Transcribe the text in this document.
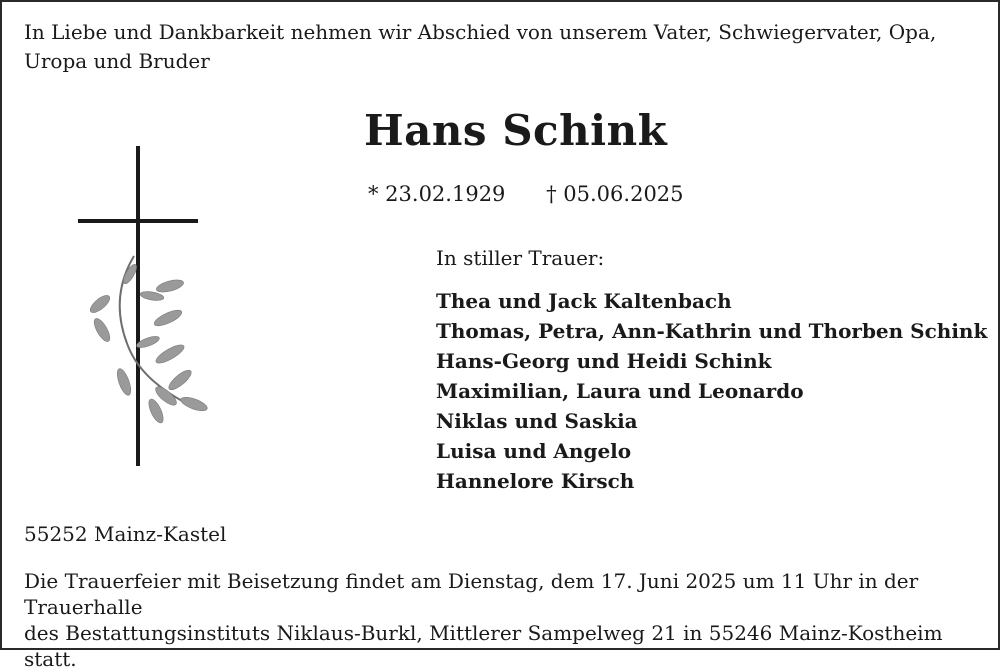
In Liebe und Dankbarkeit nehmen wir Abschied von unserem Vater, Schwiegervater, Opa,
Uropa und Bruder
Hans Schink
* 23.02.1929 † 05.06.2025
In stiller Trauer:
Thea und Jack Kaltenbach
Thomas, Petra, Ann-Kathrin und Thorben Schink
Hans-Georg und Heidi Schink
Maximilian, Laura und Leonardo
Niklas und Saskia
Luisa und Angelo
Hannelore Kirsch
55252 Mainz-Kastel
Die Trauerfeier mit Beisetzung findet am Dienstag, dem 17. Juni 2025 um 11 Uhr in der Trauerhalle
des Bestattungsinstituts Niklaus-Burkl, Mittlerer Sampelweg 21 in 55246 Mainz-Kostheim statt.
